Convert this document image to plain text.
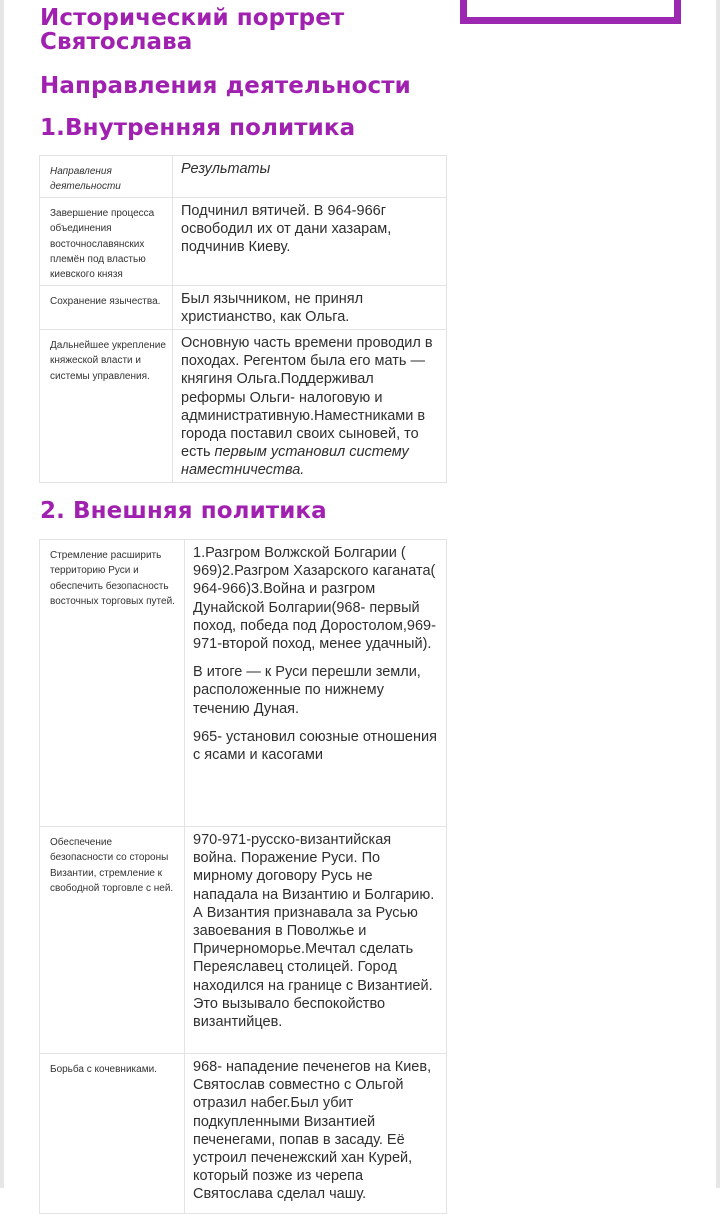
Исторический портрет Святослава
Направления деятельности
1.Внутренняя политика
Направления деятельности	Результаты

Завершение процесса объединения восточнославянских племён под властью киевского князя	Подчинил вятичей. В 964-966г освободил их от дани хазарам, подчинив Киеву.

Сохранение язычества.	Был язычником, не принял христианство, как Ольга.

Дальнейшее укрепление княжеской власти и системы управления.	Основную часть времени проводил в походах. Регентом была его мать — княгиня Ольга.Поддерживал реформы Ольги- налоговую и административную.Наместниками в города поставил своих сыновей, то есть первым установил систему наместничества.
2. Внешняя политика
Стремление расширить территорию Руси и обеспечить безопасность восточных торговых путей.	1.Разгром Волжской Болгарии ( 969)2.Разгром Хазарского каганата( 964-966)3.Война и разгром Дунайской Болгарии(968- первый поход, победа под Доростолом,969-971-второй поход, менее удачный).

В итоге — к Руси перешли земли, расположенные по нижнему течению Дуная.

965- установил союзные отношения с ясами и касогами

Обеспечение безопасности со стороны Византии, стремление к свободной торговле с ней.	970-971-русско-византийская война. Поражение Руси. По мирному договору Русь не нападала на Византию и Болгарию. А Византия признавала за Русью завоевания в Поволжье и Причерноморье.Мечтал сделать Переяславец столицей. Город находился на границе с Византией. Это вызывало беспокойство византийцев.

Борьба с кочевниками.	968- нападение печенегов на Киев, Святослав совместно с Ольгой отразил набег.Был убит подкупленными Византией печенегами, попав в засаду. Её устроил печенежский хан Курей, который позже из черепа Святослава сделал чашу.
